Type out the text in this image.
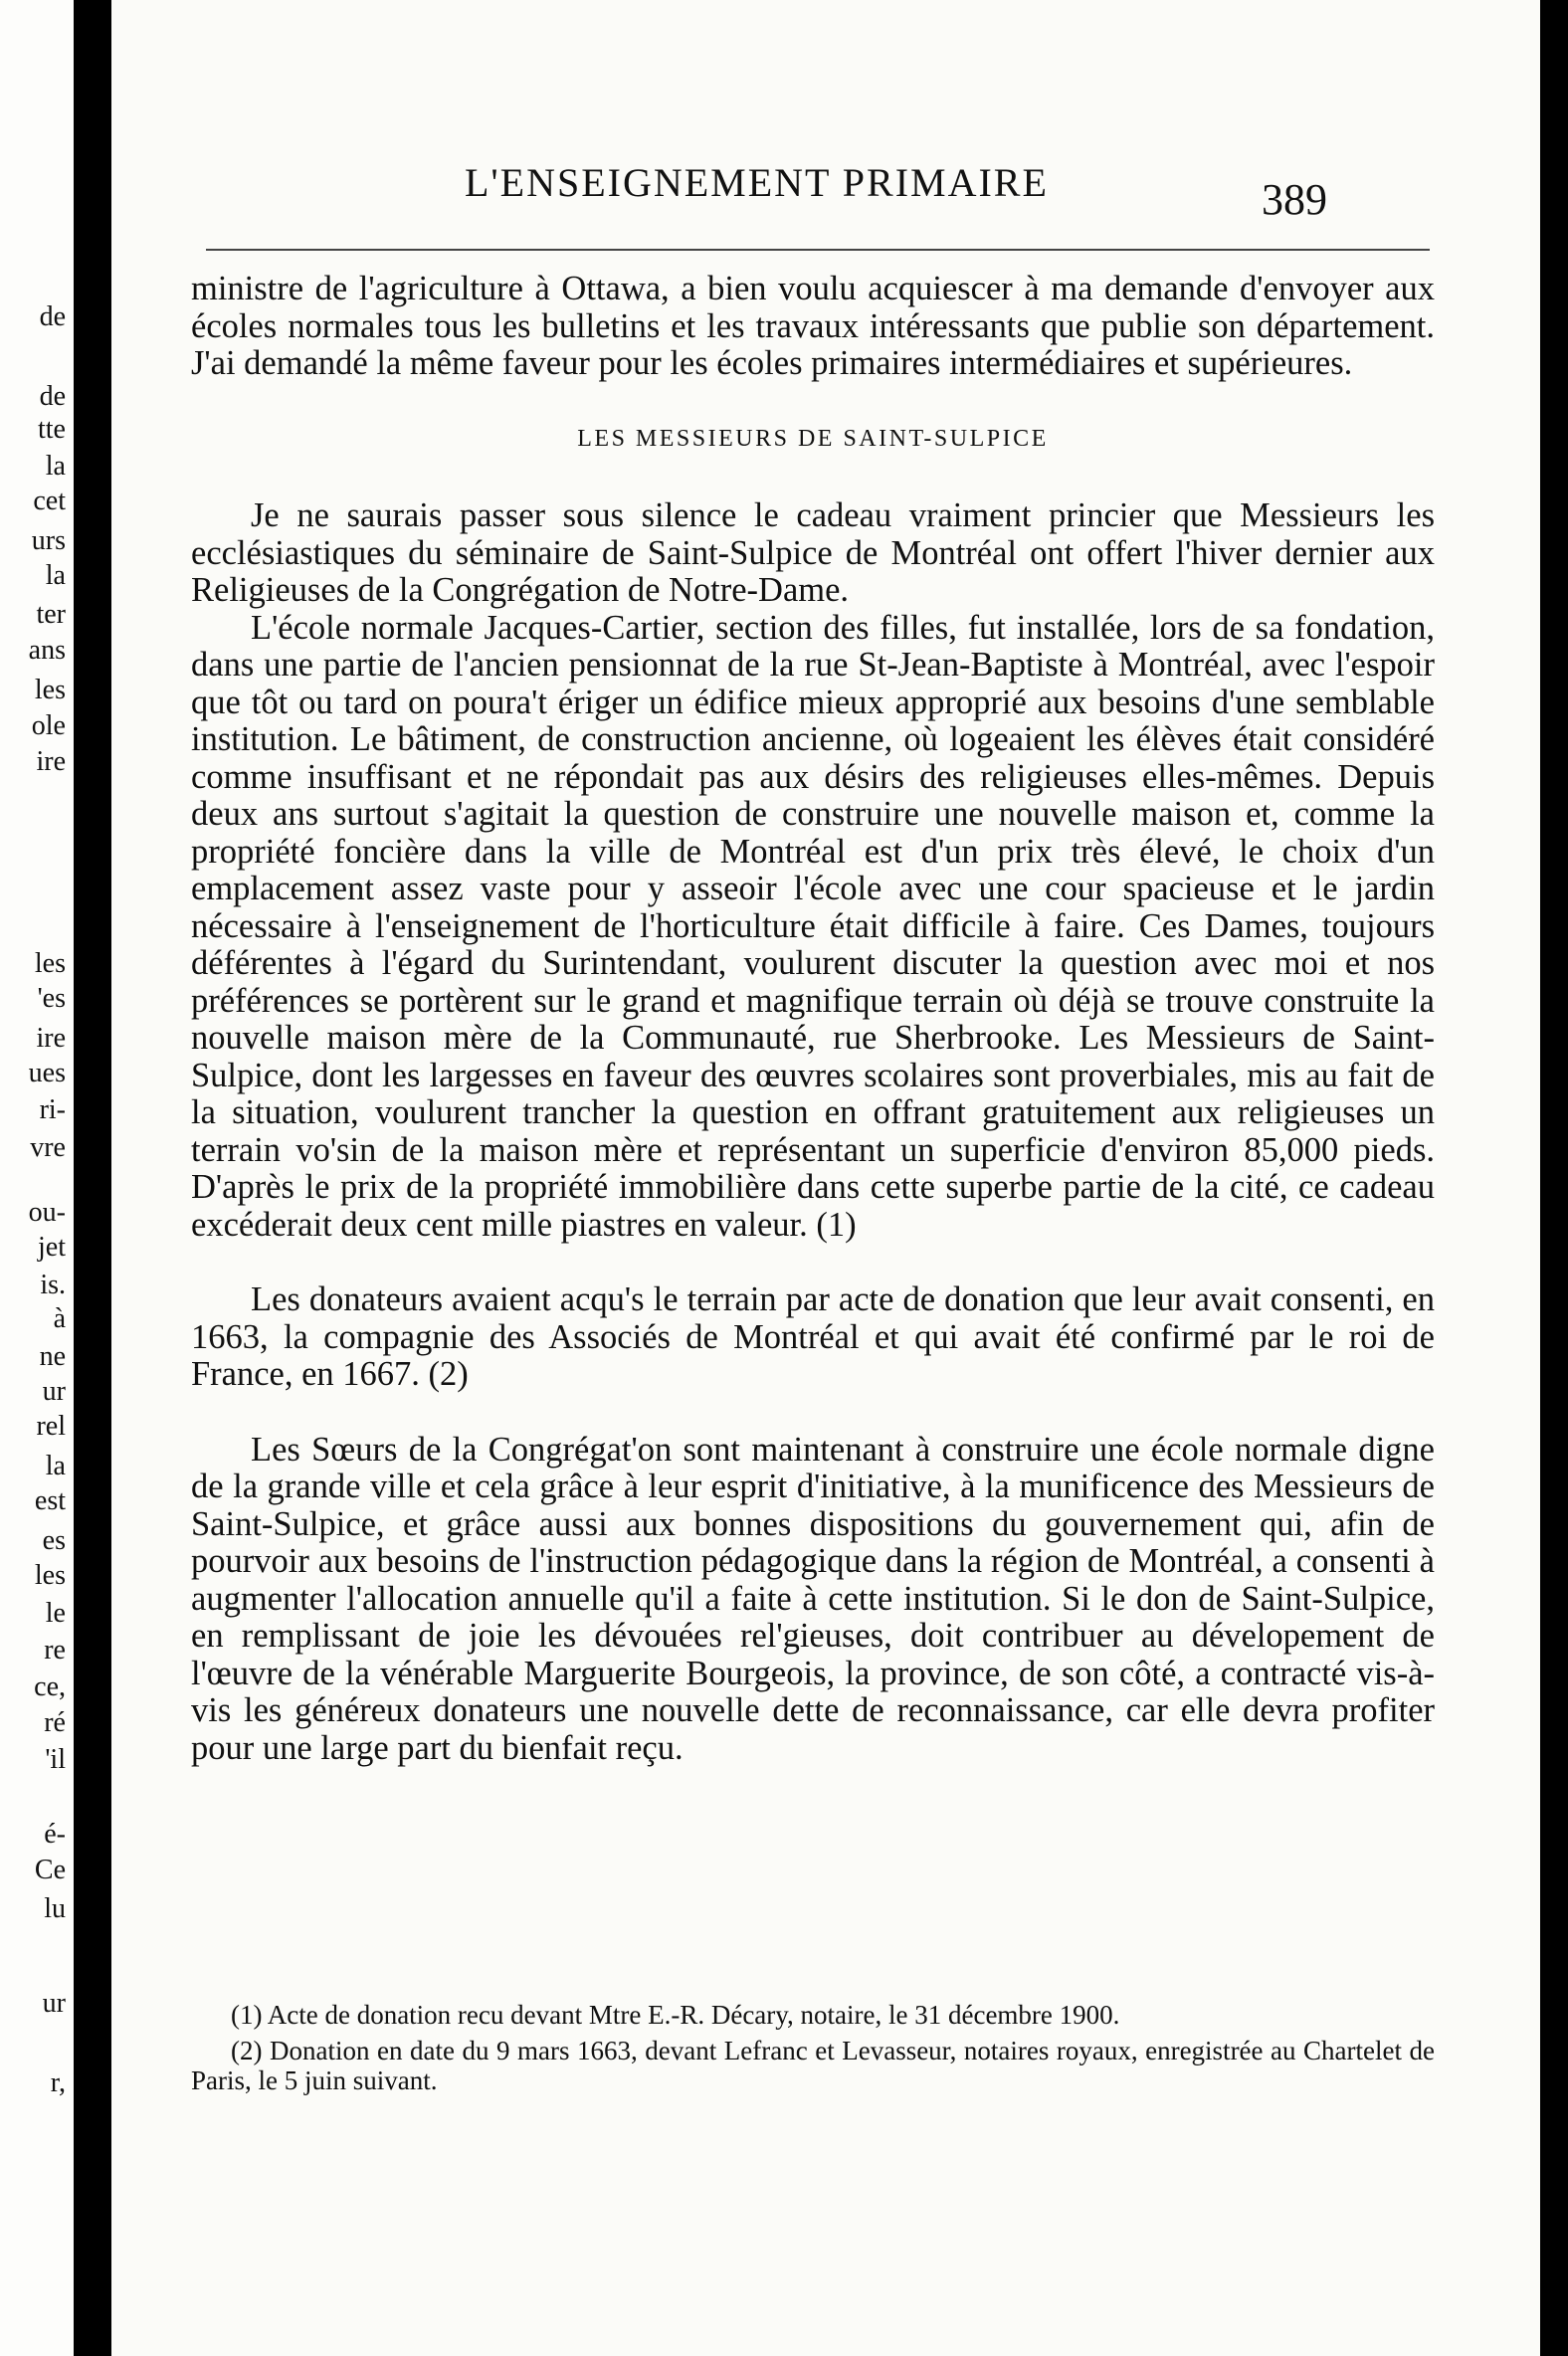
de
de
tte
la
cet
urs
la
ter
ans
les
ole
ire
les
'es
ire
ues
ri-
vre
ou-
jet
is.
à
ne
ur
rel
la
est
es
les
le
re
ce,
ré
'il
é-
Ce
lu
ur
r,
L'ENSEIGNEMENT PRIMAIRE	389

ministre de l'agriculture à Ottawa, a bien voulu acquiescer à ma demande d'envoyer aux écoles normales tous les bulletins et les travaux intéressants que publie son département. J'ai demandé la même faveur pour les écoles primaires intermédiaires et supérieures.

LES MESSIEURS DE SAINT-SULPICE

Je ne saurais passer sous silence le cadeau vraiment princier que Messieurs les ecclésiastiques du séminaire de Saint-Sulpice de Montréal ont offert l'hiver dernier aux Religieuses de la Congrégation de Notre-Dame.

L'école normale Jacques-Cartier, section des filles, fut installée, lors de sa fondation, dans une partie de l'ancien pensionnat de la rue St-Jean-Baptiste à Montréal, avec l'espoir que tôt ou tard on poura't ériger un édifice mieux approprié aux besoins d'une semblable institution. Le bâtiment, de construction ancienne, où logeaient les élèves était considéré comme insuffisant et ne répondait pas aux désirs des religieuses elles-mêmes. Depuis deux ans surtout s'agitait la question de construire une nouvelle maison et, comme la propriété foncière dans la ville de Montréal est d'un prix très élevé, le choix d'un emplacement assez vaste pour y asseoir l'école avec une cour spacieuse et le jardin nécessaire à l'enseignement de l'horticulture était difficile à faire. Ces Dames, toujours déférentes à l'égard du Surintendant, voulurent discuter la question avec moi et nos préférences se portèrent sur le grand et magnifique terrain où déjà se trouve construite la nouvelle maison mère de la Communauté, rue Sherbrooke. Les Messieurs de Saint-Sulpice, dont les largesses en faveur des œuvres scolaires sont proverbiales, mis au fait de la situation, voulurent trancher la question en offrant gratuitement aux religieuses un terrain vo'sin de la maison mère et représentant un superficie d'environ 85,000 pieds. D'après le prix de la propriété immobilière dans cette superbe partie de la cité, ce cadeau excéderait deux cent mille piastres en valeur. (1)

Les donateurs avaient acqu's le terrain par acte de donation que leur avait consenti, en 1663, la compagnie des Associés de Montréal et qui avait été confirmé par le roi de France, en 1667. (2)

Les Sœurs de la Congrégat'on sont maintenant à construire une école normale digne de la grande ville et cela grâce à leur esprit d'initiative, à la munificence des Messieurs de Saint-Sulpice, et grâce aussi aux bonnes dispositions du gouvernement qui, afin de pourvoir aux besoins de l'instruction pédagogique dans la région de Montréal, a consenti à augmenter l'allocation annuelle qu'il a faite à cette institution. Si le don de Saint-Sulpice, en remplissant de joie les dévouées rel'gieuses, doit contribuer au dévelopement de l'œuvre de la vénérable Marguerite Bourgeois, la province, de son côté, a contracté vis-à-vis les généreux donateurs une nouvelle dette de reconnaissance, car elle devra profiter pour une large part du bienfait reçu.

(1) Acte de donation recu devant Mtre E.-R. Décary, notaire, le 31 décembre 1900.

(2) Donation en date du 9 mars 1663, devant Lefranc et Levasseur, notaires royaux, enregistrée au Chartelet de Paris, le 5 juin suivant.
